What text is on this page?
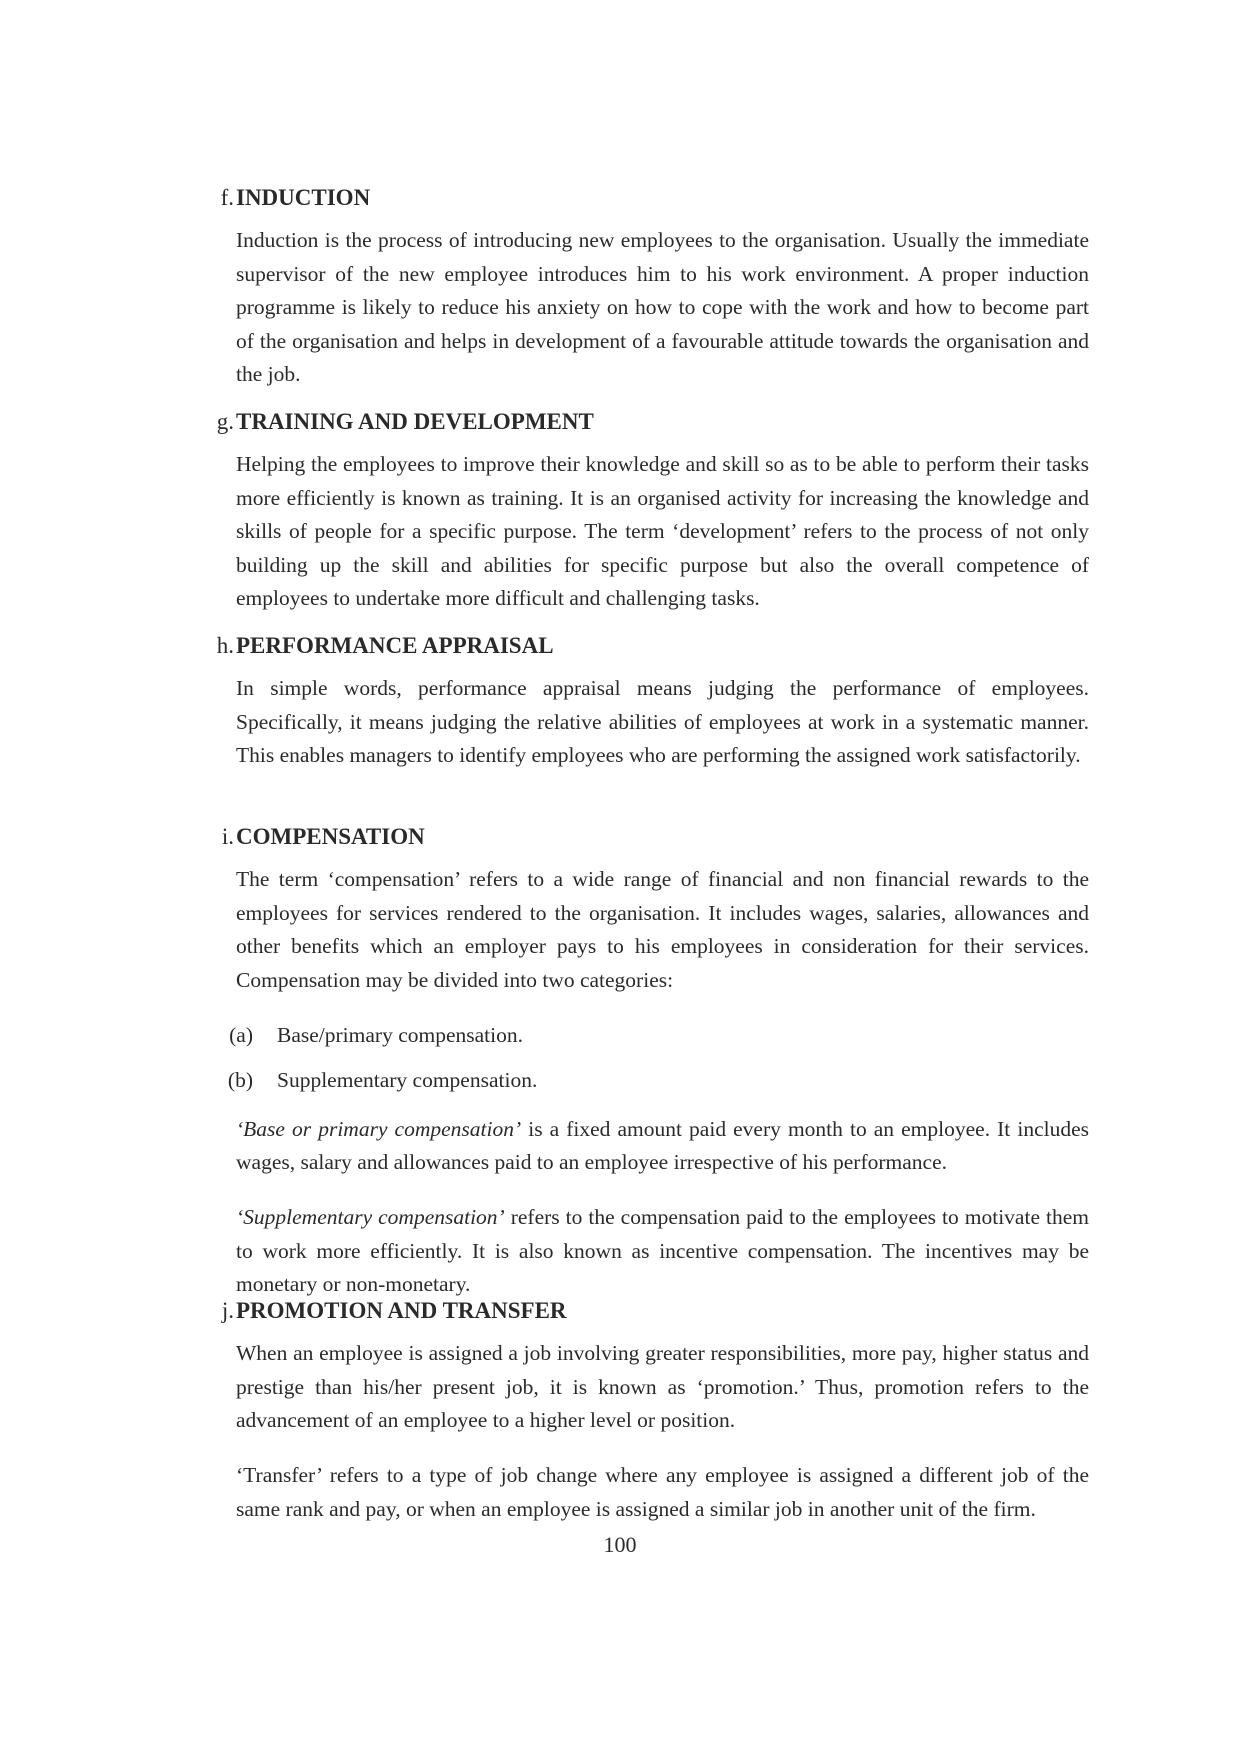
f. INDUCTION

Induction is the process of introducing new employees to the organisation. Usually the immediate supervisor of the new employee introduces him to his work environment. A proper induction programme is likely to reduce his anxiety on how to cope with the work and how to become part of the organisation and helps in development of a favourable attitude towards the organisation and the job.

g. TRAINING AND DEVELOPMENT

Helping the employees to improve their knowledge and skill so as to be able to perform their tasks more efficiently is known as training. It is an organised activity for increasing the knowledge and skills of people for a specific purpose. The term ‘development’ refers to the process of not only building up the skill and abilities for specific purpose but also the overall competence of employees to undertake more difficult and challenging tasks.

h. PERFORMANCE APPRAISAL

In simple words, performance appraisal means judging the performance of employees. Specifically, it means judging the relative abilities of employees at work in a systematic manner. This enables managers to identify employees who are performing the assigned work satisfactorily.

i. COMPENSATION

The term ‘compensation’ refers to a wide range of financial and non financial rewards to the employees for services rendered to the organisation. It includes wages, salaries, allowances and other benefits which an employer pays to his employees in consideration for their services. Compensation may be divided into two categories:

(a) Base/primary compensation.
(b) Supplementary compensation.

‘Base or primary compensation’ is a fixed amount paid every month to an employee. It includes wages, salary and allowances paid to an employee irrespective of his performance.

‘Supplementary compensation’ refers to the compensation paid to the employees to motivate them to work more efficiently. It is also known as incentive compensation. The incentives may be monetary or non-monetary.

j. PROMOTION AND TRANSFER

When an employee is assigned a job involving greater responsibilities, more pay, higher status and prestige than his/her present job, it is known as ‘promotion.’ Thus, promotion refers to the advancement of an employee to a higher level or position.

‘Transfer’ refers to a type of job change where any employee is assigned a different job of the same rank and pay, or when an employee is assigned a similar job in another unit of the firm.

100
